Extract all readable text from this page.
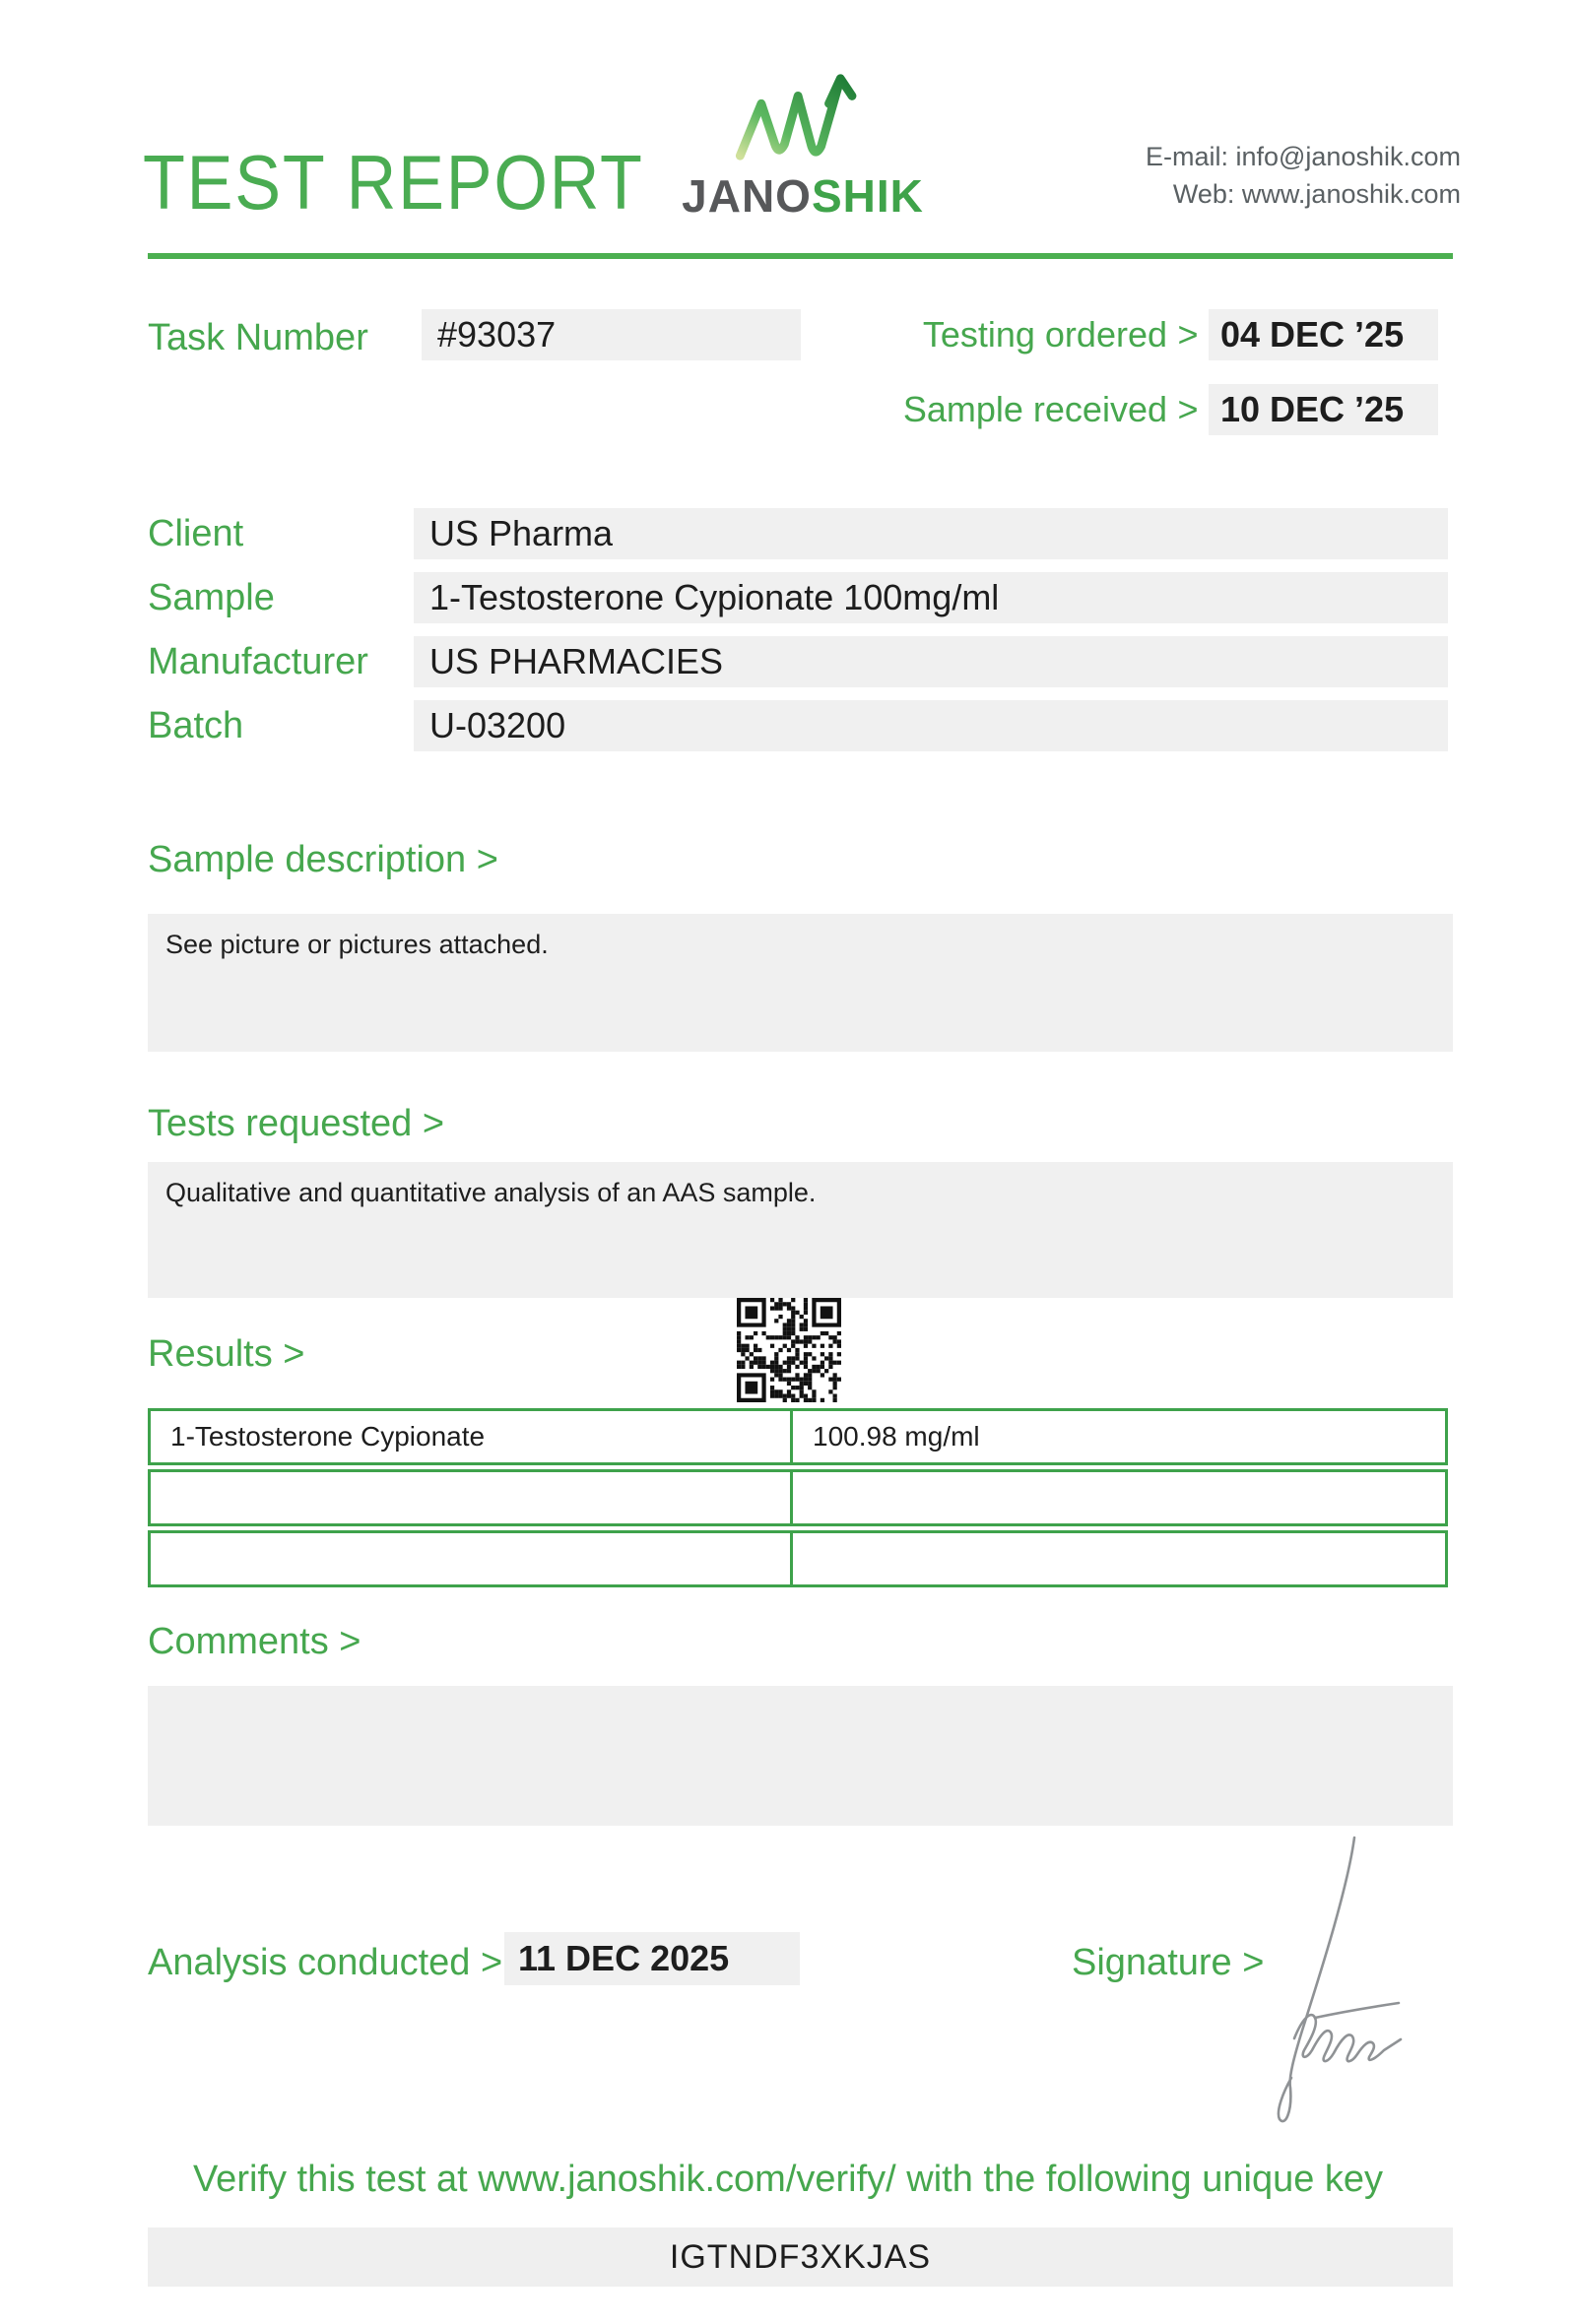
TEST REPORT JANOSHIK
E-mail: info@janoshik.com
Web: www.janoshik.com
Task Number	#93037	Testing ordered > 04 DEC ’25
Sample received > 10 DEC ’25
Client	US Pharma
Sample	1-Testosterone Cypionate 100mg/ml
Manufacturer	US PHARMACIES
Batch	U-03200
Sample description >
See picture or pictures attached.
Tests requested >
Qualitative and quantitative analysis of an AAS sample.
Results >
1-Testosterone Cypionate	100.98 mg/ml
Comments >
Analysis conducted > 11 DEC 2025	Signature >
Verify this test at www.janoshik.com/verify/ with the following unique key
IGTNDF3XKJAS
